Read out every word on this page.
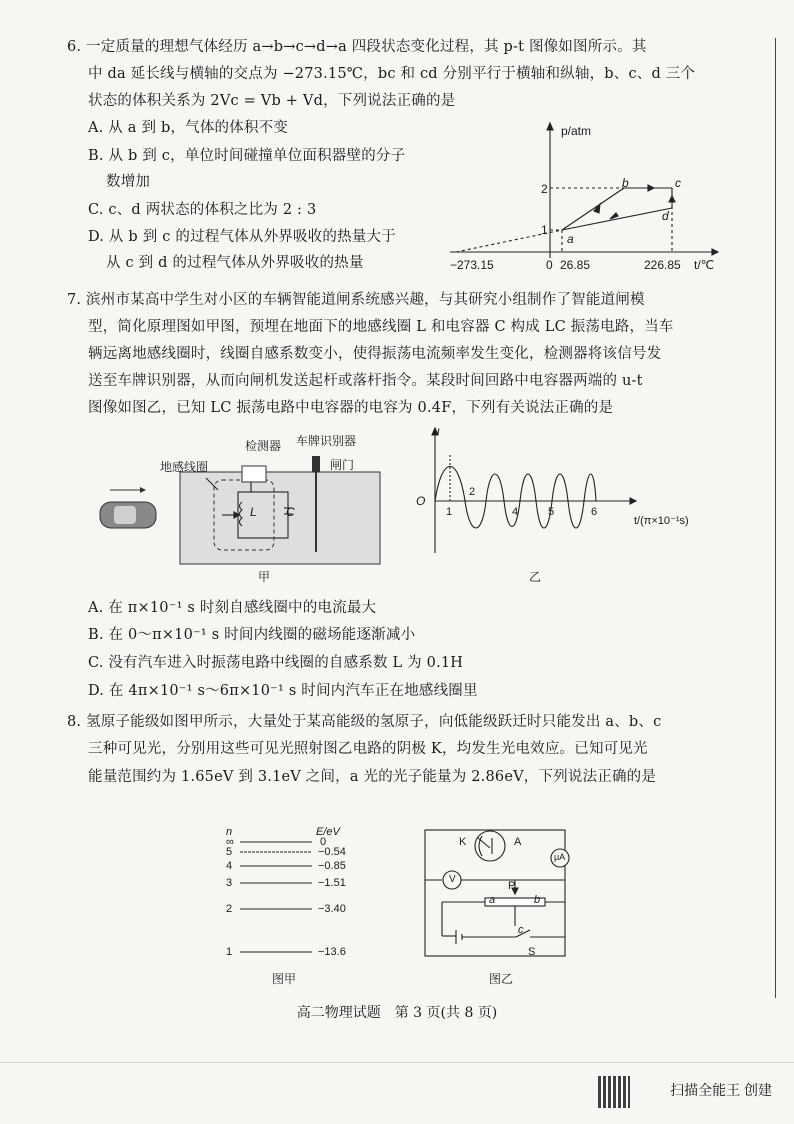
6. 一定质量的理想气体经历 a→b→c→d→a 四段状态变化过程，其 p-t 图像如图所示。其
中 da 延长线与横轴的交点为 −273.15℃，bc 和 cd 分别平行于横轴和纵轴，b、c、d 三个
状态的体积关系为 2Vc = Vb + Vd，下列说法正确的是
A. 从 a 到 b，气体的体积不变
B. 从 b 到 c，单位时间碰撞单位面积器壁的分子
数增加
C. c、d 两状态的体积之比为 2 : 3
D. 从 b 到 c 的过程气体从外界吸收的热量大于
从 c 到 d 的过程气体从外界吸收的热量
p/atm
t/℃
2
1
0
−273.15	26.85	226.85
a
b	c
d
7. 滨州市某高中学生对小区的车辆智能道闸系统感兴趣，与其研究小组制作了智能道闸模
型，简化原理图如甲图，预埋在地面下的地感线圈 L 和电容器 C 构成 LC 振荡电路，当车
辆远离地感线圈时，线圈自感系数变小，使得振荡电流频率发生变化，检测器将该信号发
送至车牌识别器，从而向闸机发送起杆或落杆指令。某段时间回路中电容器两端的 u-t
图像如图乙，已知 LC 振荡电路中电容器的电容为 0.4F，下列有关说法正确的是
检测器 车牌识别器
地感线圈	闸门
L C
甲
u
O
t/(π×10⁻¹s)
1
2
4	5	6
乙
A. 在 π×10⁻¹ s 时刻自感线圈中的电流最大
B. 在 0～π×10⁻¹ s 时间内线圈的磁场能逐渐减小
C. 没有汽车进入时振荡电路中线圈的自感系数 L 为 0.1H
D. 在 4π×10⁻¹ s～6π×10⁻¹ s 时间内汽车正在地感线圈里
8. 氢原子能级如图甲所示，大量处于某高能级的氢原子，向低能级跃迁时只能发出 a、b、c
三种可见光，分别用这些可见光照射图乙电路的阴极 K，均发生光电效应。已知可见光
能量范围约为 1.65eV 到 3.1eV 之间，a 光的光子能量为 2.86eV，下列说法正确的是
n	E/eV
∞	0
5	−0.54
4	−0.85
3	−1.51
2	−3.40
1	−13.6
图甲
K	A
μA
V
P
a	b
c
S
图乙
高二物理试题　第 3 页(共 8 页)
扫描全能王 创建
